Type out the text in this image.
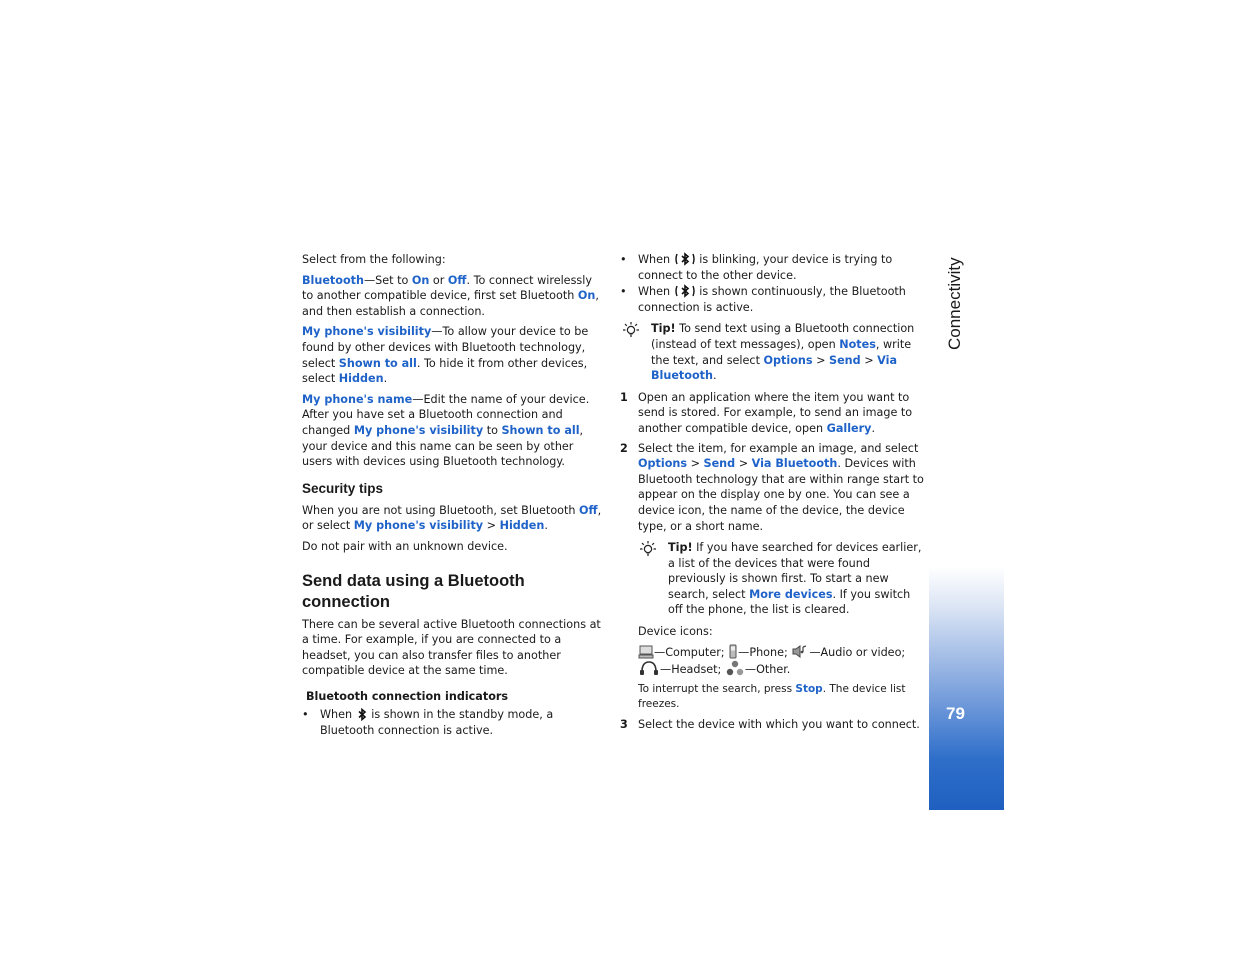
Connectivity
79

Select from the following:

Bluetooth—Set to On or Off. To connect wirelessly to another compatible device, first set Bluetooth On, and then establish a connection.

My phone's visibility—To allow your device to be found by other devices with Bluetooth technology, select Shown to all. To hide it from other devices, select Hidden.

My phone's name—Edit the name of your device. After you have set a Bluetooth connection and changed My phone's visibility to Shown to all, your device and this name can be seen by other users with devices using Bluetooth technology.

Security tips

When you are not using Bluetooth, set Bluetooth Off, or select My phone's visibility > Hidden.

Do not pair with an unknown device.

Send data using a Bluetooth connection

There can be several active Bluetooth connections at a time. For example, if you are connected to a headset, you can also transfer files to another compatible device at the same time.

Bluetooth connection indicators
• When  is shown in the standby mode, a Bluetooth connection is active.
• When  is blinking, your device is trying to connect to the other device.
• When  is shown continuously, the Bluetooth connection is active.
Tip! To send text using a Bluetooth connection (instead of text messages), open Notes, write the text, and select Options > Send > Via Bluetooth.
1 Open an application where the item you want to send is stored. For example, to send an image to another compatible device, open Gallery.
2 Select the item, for example an image, and select Options > Send > Via Bluetooth. Devices with Bluetooth technology that are within range start to appear on the display one by one. You can see a device icon, the name of the device, the device type, or a short name.
Tip! If you have searched for devices earlier, a list of the devices that were found previously is shown first. To start a new search, select More devices. If you switch off the phone, the list is cleared.

Device icons:

—Computer; —Phone; —Audio or video; —Headset; —Other.

To interrupt the search, press Stop. The device list freezes.

3 Select the device with which you want to connect.
